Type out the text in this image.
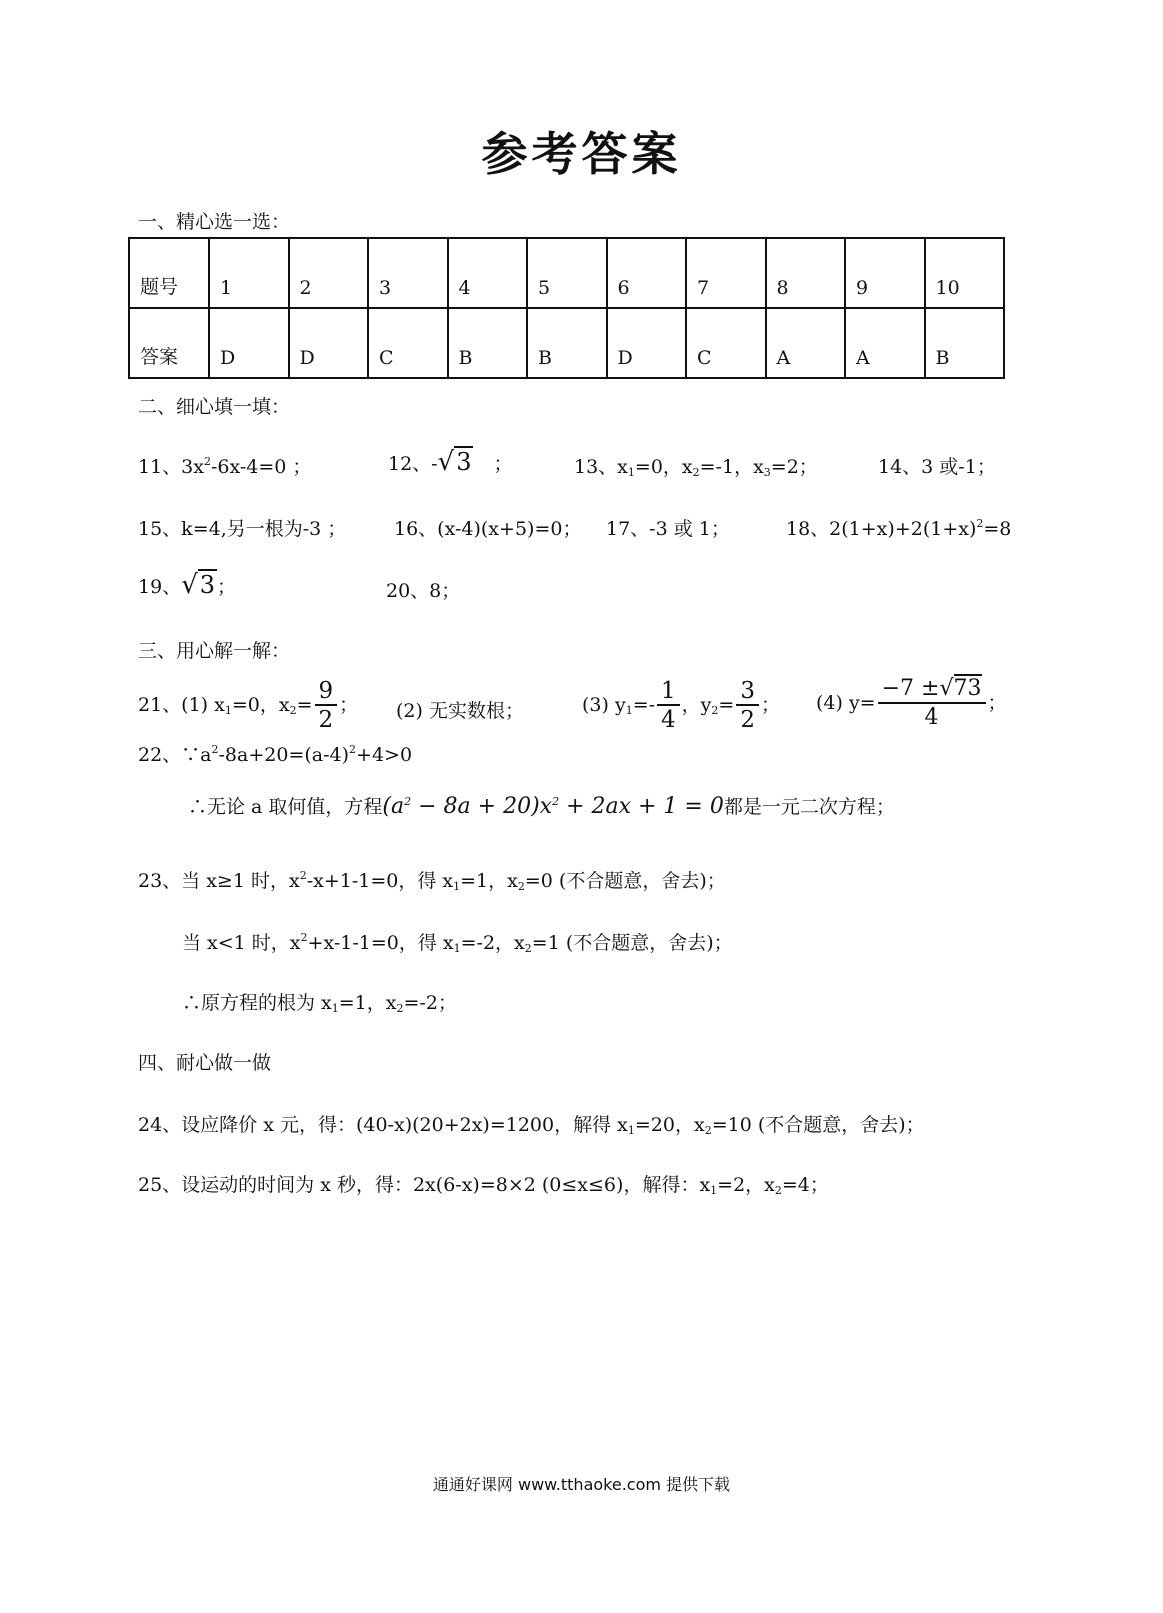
参考答案
一、精心选一选：
题号	1	2	3	4	5	6	7	8	9	10
答案	D	D	C	B	B	D	C	A	A	B
二、细心填一填：
11、$3x^2-6x-4=0$ ；	12、-√3 ；	13、$x_1=0$，$x_2=-1$，$x_3=2$；	14、3 或-1；
15、k=4,另一根为-3 ；	16、(x-4)(x+5)=0； 17、-3 或 1；	18、$2(1+x)+2(1+x)^2=8$
19、√3 ；	20、8；
三、用心解一解：
21、(1) $x_1=0$，$x_2= \frac{9}{2}$ ； (2) 无实数根；	(3) $y_1=- \frac{1}{4}$ ，$y_2= \frac{3}{2}$ ； (4) $y= \frac{-7 \pm√73}{4}$ ；
22、$\because a^2-8a+20=(a-4)^2+4>0$
∴无论 a 取何值，方程$(a^2 - 8a + 20)x^2 + 2ax + 1 = 0$都是一元二次方程；
23、当 x≥1 时，$x^2-x+1-1=0$，得 $x_1=1$，$x_2=0$ (不合题意，舍去)；
当 x<1 时，$x^2+x-1-1=0$，得 $x_1=-2$，$x_2=1$ (不合题意，舍去)；
∴原方程的根为 $x_1=1$，$x_2=-2$；
四、耐心做一做
24、设应降价 x 元，得：(40-x)(20+2x)=1200，解得 $x_1=20$，$x_2=10$ (不合题意，舍去)；
25、设运动的时间为 x 秒，得：2x(6-x)=8×2 (0≤x≤6)，解得：$x_1=2$，$x_2=4$；
通通好课网 www.tthaoke.com 提供下载
